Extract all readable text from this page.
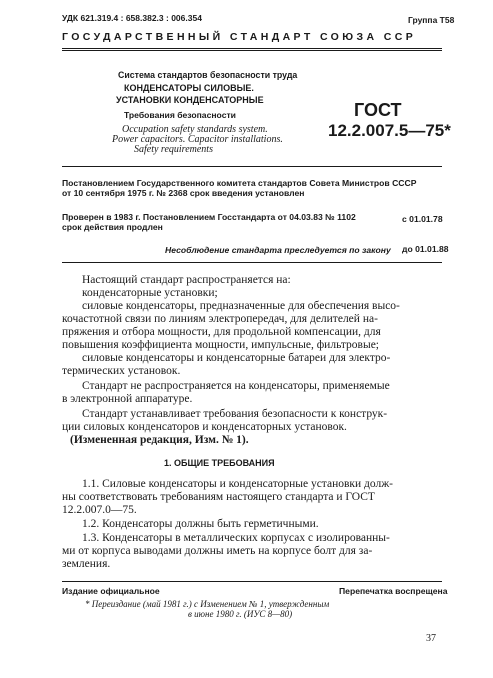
УДК 621.319.4 : 658.382.3 : 006.354	Группа Т58

ГОСУДАРСТВЕННЫЙ СТАНДАРТ СОЮЗА ССР

Система стандартов безопасности труда

КОНДЕНСАТОРЫ СИЛОВЫЕ.

УСТАНОВКИ КОНДЕНСАТОРНЫЕ

Требования безопасности

Occupation safety standards system.

Power capacitors. Capacitor installations.

Safety requirements

ГОСТ

12.2.007.5—75*

Постановлением Государственного комитета стандартов Совета Министров СССР

от 10 сентября 1975 г. № 2368 срок введения установлен

Проверен в 1983 г. Постановлением Госстандарта от 04.03.83 № 1102

срок действия продлен

с 01.01.78

Несоблюдение стандарта преследуется по закону до 01.01.88

Настоящий стандарт распространяется на:

конденсаторные установки;

силовые конденсаторы, предназначенные для обеспечения высо-

кочастотной связи по линиям электропередач, для делителей на-

пряжения и отбора мощности, для продольной компенсации, для

повышения коэффициента мощности, импульсные, фильтровые;

силовые конденсаторы и конденсаторные батареи для электро-

термических установок.

Стандарт не распространяется на конденсаторы, применяемые

в электронной аппаратуре.

Стандарт устанавливает требования безопасности к конструк-

ции силовых конденсаторов и конденсаторных установок.

(Измененная редакция, Изм. № 1).

1. ОБЩИЕ ТРЕБОВАНИЯ

1.1. Силовые конденсаторы и конденсаторные установки долж-

ны соответствовать требованиям настоящего стандарта и ГОСТ

12.2.007.0—75.

1.2. Конденсаторы должны быть герметичными.

1.3. Конденсаторы в металлических корпусах с изолированны-

ми от корпуса выводами должны иметь на корпусе болт для за-

земления.

Издание официальное	Перепечатка воспрещена

* Переиздание (май 1981 г.) с Изменением № 1, утвержденным

в июне 1980 г. (ИУС 8—80)

37
